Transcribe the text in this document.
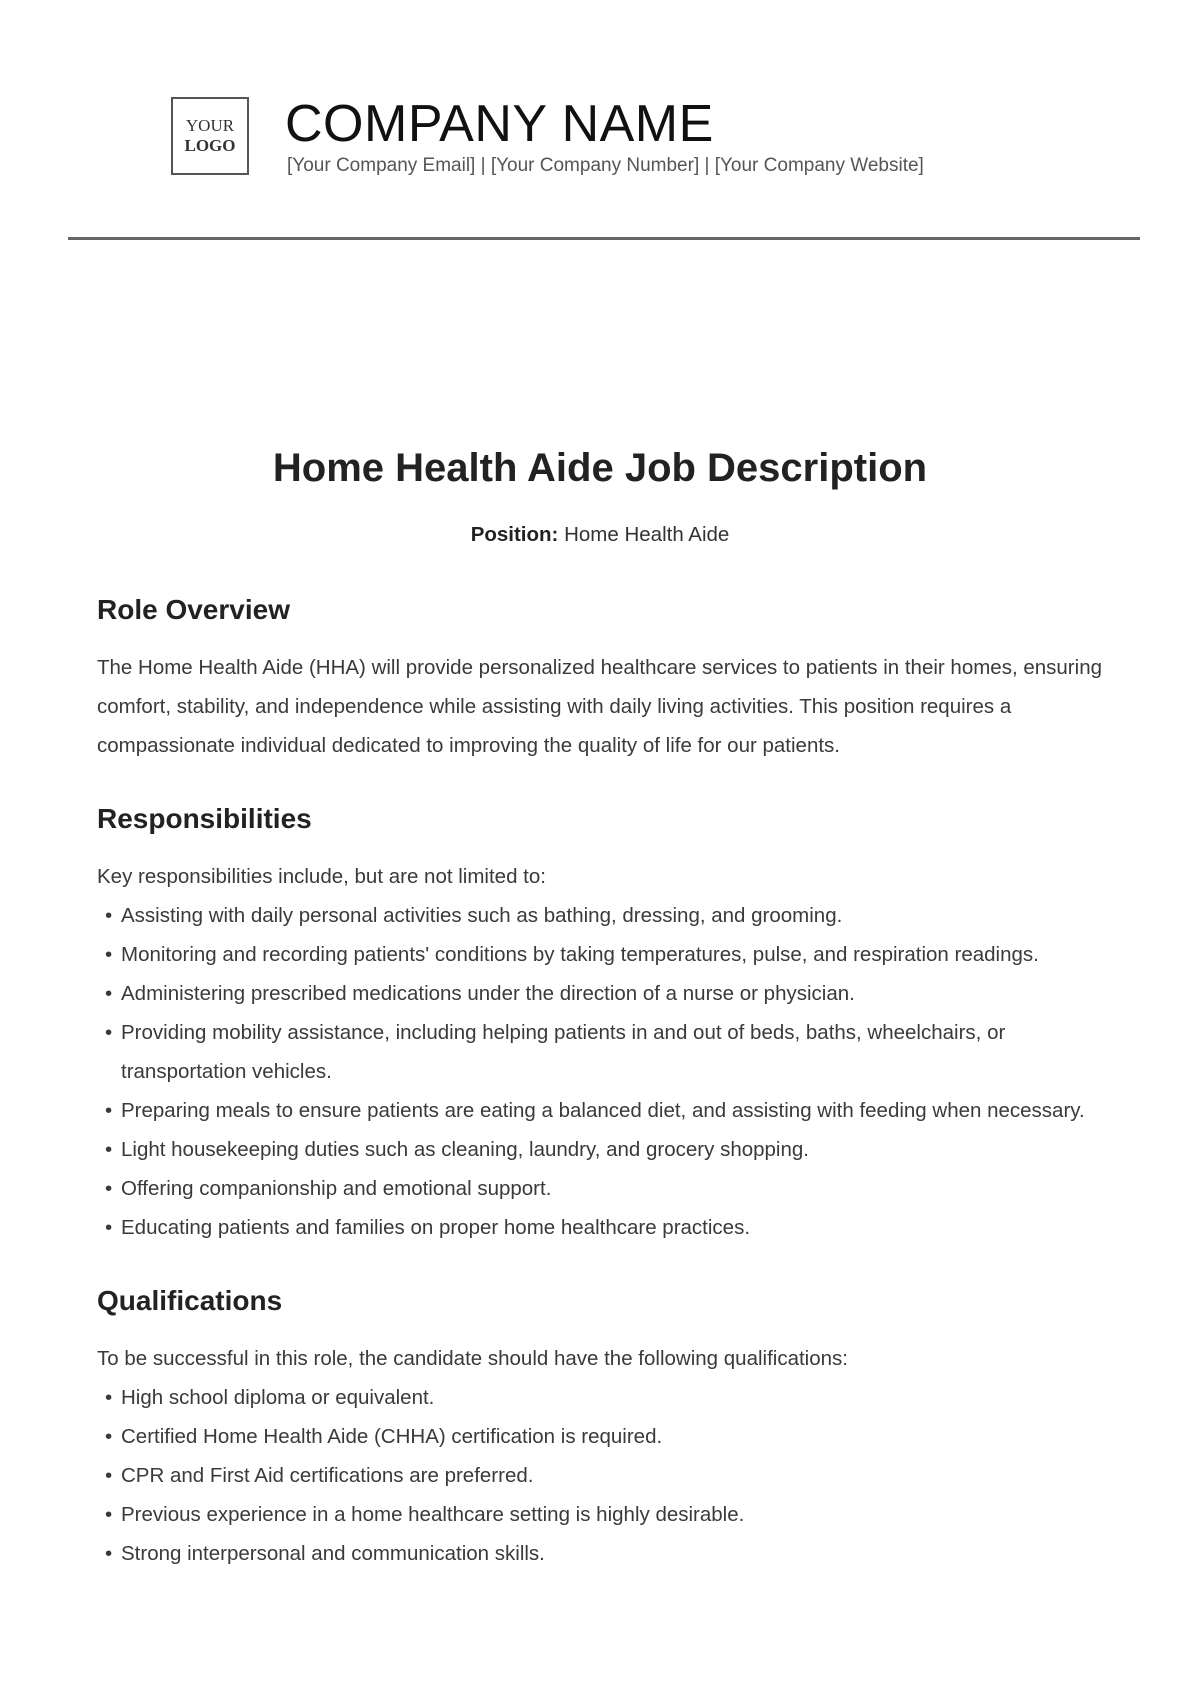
YOUR
LOGO COMPANY NAME
[Your Company Email] | [Your Company Number] | [Your Company Website]
Home Health Aide Job Description
Position: Home Health Aide
Role Overview

The Home Health Aide (HHA) will provide personalized healthcare services to patients in their homes, ensuring comfort, stability, and independence while assisting with daily living activities. This position requires a compassionate individual dedicated to improving the quality of life for our patients.

Responsibilities

Key responsibilities include, but are not limited to:

• Assisting with daily personal activities such as bathing, dressing, and grooming.
• Monitoring and recording patients' conditions by taking temperatures, pulse, and respiration readings.
• Administering prescribed medications under the direction of a nurse or physician.
• Providing mobility assistance, including helping patients in and out of beds, baths, wheelchairs, or transportation vehicles.
• Preparing meals to ensure patients are eating a balanced diet, and assisting with feeding when necessary.
• Light housekeeping duties such as cleaning, laundry, and grocery shopping.
• Offering companionship and emotional support.
• Educating patients and families on proper home healthcare practices.
Qualifications

To be successful in this role, the candidate should have the following qualifications:

• High school diploma or equivalent.
• Certified Home Health Aide (CHHA) certification is required.
• CPR and First Aid certifications are preferred.
• Previous experience in a home healthcare setting is highly desirable.
• Strong interpersonal and communication skills.
